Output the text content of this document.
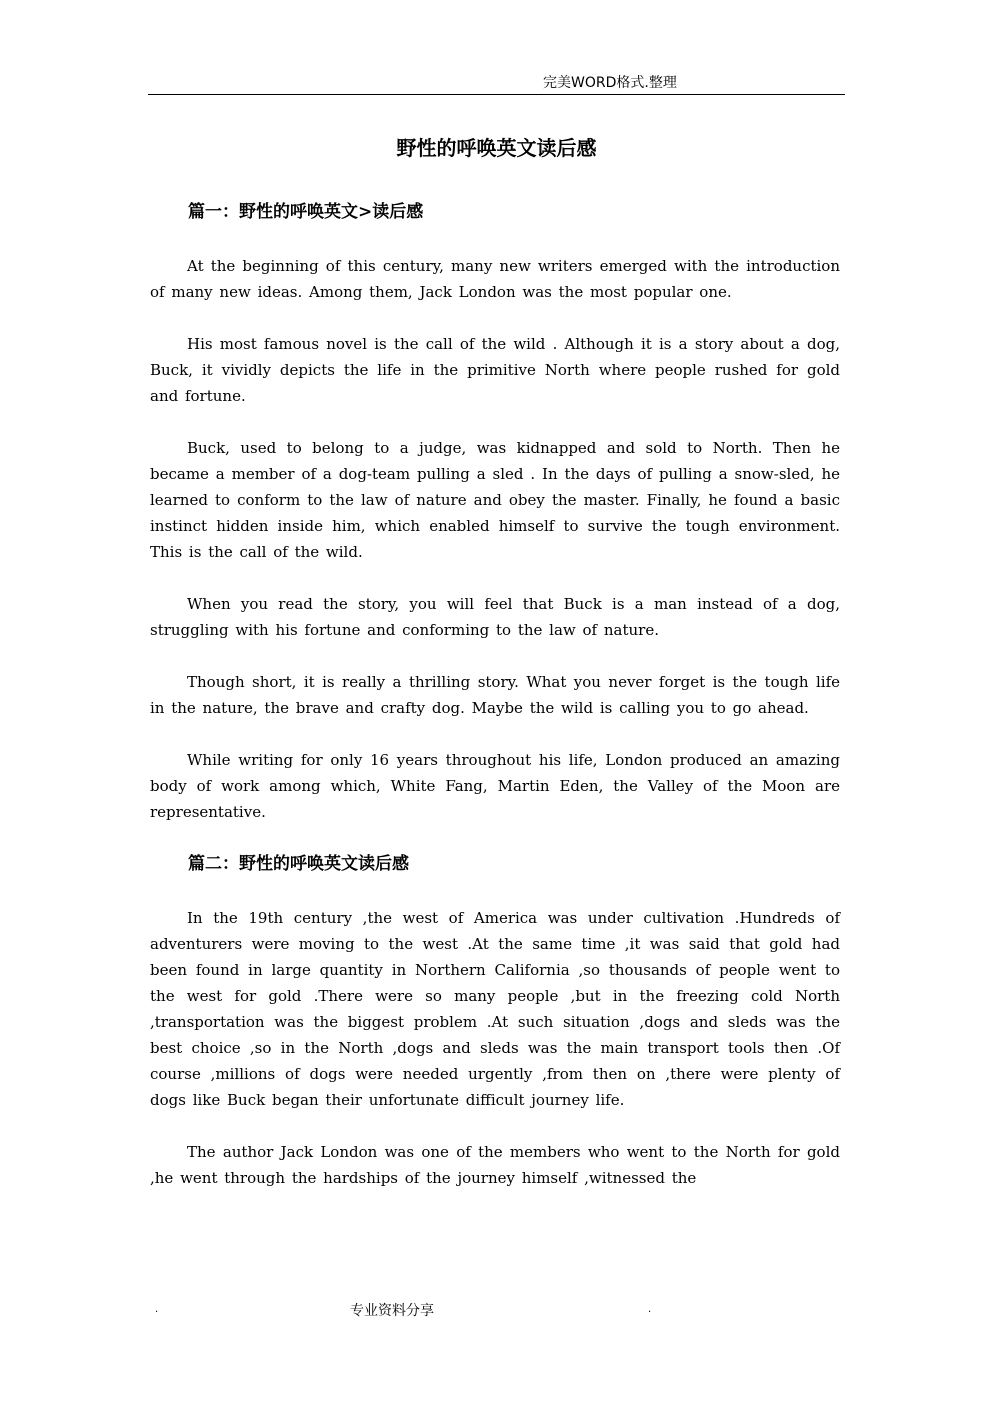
完美WORD格式.整理
野性的呼唤英文读后感
篇一：野性的呼唤英文>读后感

At the beginning of this century, many new writers emerged with the introduction of many new ideas. Among them, Jack London was the most popular one.

His most famous novel is the call of the wild . Although it is a story about a dog, Buck, it vividly depicts the life in the primitive North where people rushed for gold and fortune.

Buck, used to belong to a judge, was kidnapped and sold to North. Then he became a member of a dog-team pulling a sled . In the days of pulling a snow-sled, he learned to conform to the law of nature and obey the master. Finally, he found a basic instinct hidden inside him, which enabled himself to survive the tough environment. This is the call of the wild.

When you read the story, you will feel that Buck is a man instead of a dog, struggling with his fortune and conforming to the law of nature.

Though short, it is really a thrilling story. What you never forget is the tough life in the nature, the brave and crafty dog. Maybe the wild is calling you to go ahead.

While writing for only 16 years throughout his life, London produced an amazing body of work among which, White Fang, Martin Eden, the Valley of the Moon are representative.

篇二：野性的呼唤英文读后感

In the 19th century ,the west of America was under cultivation .Hundreds of adventurers were moving to the west .At the same time ,it was said that gold had been found in large quantity in Northern California ,so thousands of people went to the west for gold .There were so many people ,but in the freezing cold North ,transportation was the biggest problem .At such situation ,dogs and sleds was the best choice ,so in the North ,dogs and sleds was the main transport tools then .Of course ,millions of dogs were needed urgently ,from then on ,there were plenty of dogs like Buck began their unfortunate difficult journey life.

The author Jack London was one of the members who went to the North for gold ,he went through the hardships of the journey himself ,witnessed the

.	专业资料分享	.
